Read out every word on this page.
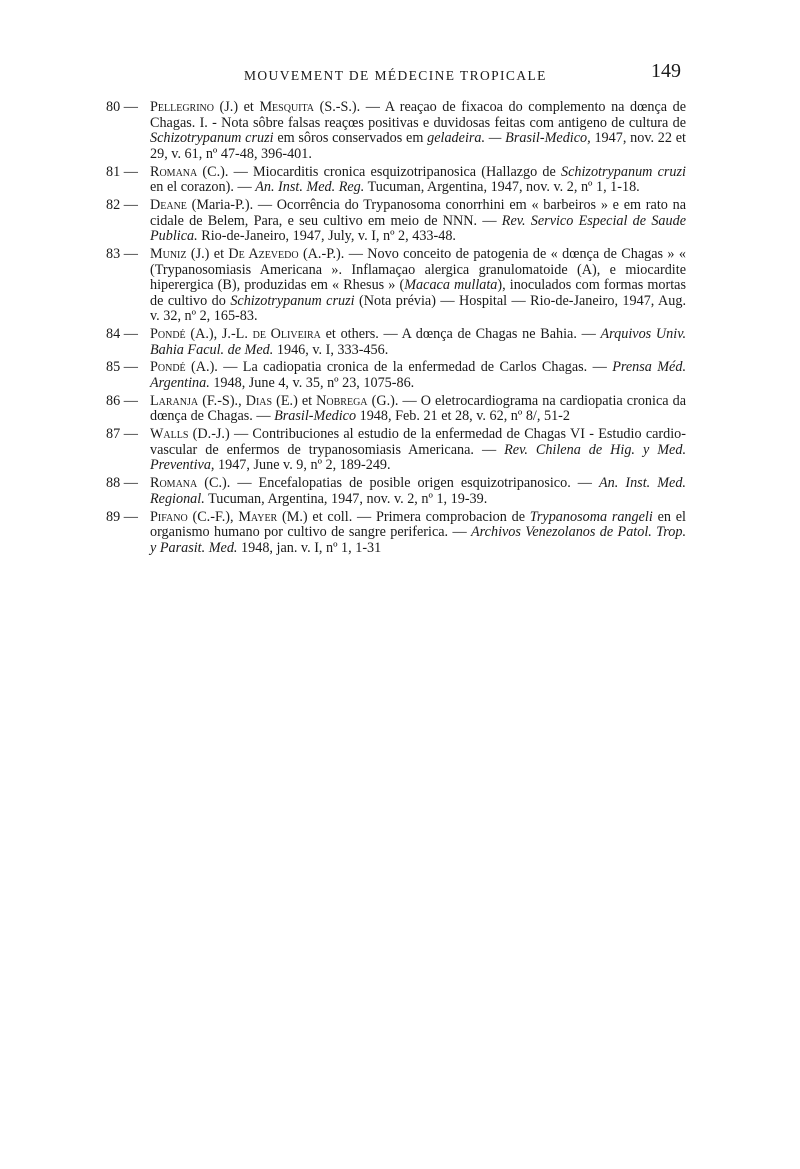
MOUVEMENT DE MÉDECINE TROPICALE	149
80 — Pellegrino (J.) et Mesquita (S.-S.). — A reaçao de fixacoa do complemento na dœnça de Chagas. I. - Nota sôbre falsas reaçœs positivas e duvidosas feitas com antigeno de cultura de Schizotrypanum cruzi em sôros conservados em geladeira. — Brasil-Medico, 1947, nov. 22 et 29, v. 61, nº 47-48, 396-401.
81 — Romana (C.). — Miocarditis cronica esquizotripanosica (Hallazgo de Schizotrypanum cruzi en el corazon). — An. Inst. Med. Reg. Tucuman, Argentina, 1947, nov. v. 2, nº 1, 1-18.
82 — Deane (Maria-P.). — Ocorrência do Trypanosoma conorrhini em « barbeiros » e em rato na cidale de Belem, Para, e seu cultivo em meio de NNN. — Rev. Servico Especial de Saude Publica. Rio-de-Janeiro, 1947, July, v. I, nº 2, 433-48.
83 — Muniz (J.) et De Azevedo (A.-P.). — Novo conceito de patogenia de « dœnça de Chagas » « (Trypanosomiasis Americana ». Inflamaçao alergica granulomatoide (A), e miocardite hiperergica (B), produzidas em « Rhesus » (Macaca mullata), inoculados com formas mortas de cultivo do Schizotrypanum cruzi (Nota prévia) — Hospital — Rio-de-Janeiro, 1947, Aug. v. 32, nº 2, 165-83.
84 — Pondé (A.), J.-L. de Oliveira et others. — A dœnça de Chagas ne Bahia. — Arquivos Univ. Bahia Facul. de Med. 1946, v. I, 333-456.
85 — Pondé (A.). — La cadiopatia cronica de la enfermedad de Carlos Chagas. — Prensa Méd. Argentina. 1948, June 4, v. 35, nº 23, 1075-86.
86 — Laranja (F.-S)., Dias (E.) et Nobrega (G.). — O eletrocardiograma na cardiopatia cronica da dœnça de Chagas. — Brasil-Medico 1948, Feb. 21 et 28, v. 62, nº 8/, 51-2
87 — Walls (D.-J.) — Contribuciones al estudio de la enfermedad de Chagas VI - Estudio cardio-vascular de enfermos de trypanosomiasis Americana. — Rev. Chilena de Hig. y Med. Preventiva, 1947, June v. 9, nº 2, 189-249.
88 — Romana (C.). — Encefalopatias de posible origen esquizotripanosico. — An. Inst. Med. Regional. Tucuman, Argentina, 1947, nov. v. 2, nº 1, 19-39.
89 — Pifano (C.-F.), Mayer (M.) et coll. — Primera comprobacion de Trypanosoma rangeli en el organismo humano por cultivo de sangre periferica. — Archivos Venezolanos de Patol. Trop. y Parasit. Med. 1948, jan. v. I, nº 1, 1-31
